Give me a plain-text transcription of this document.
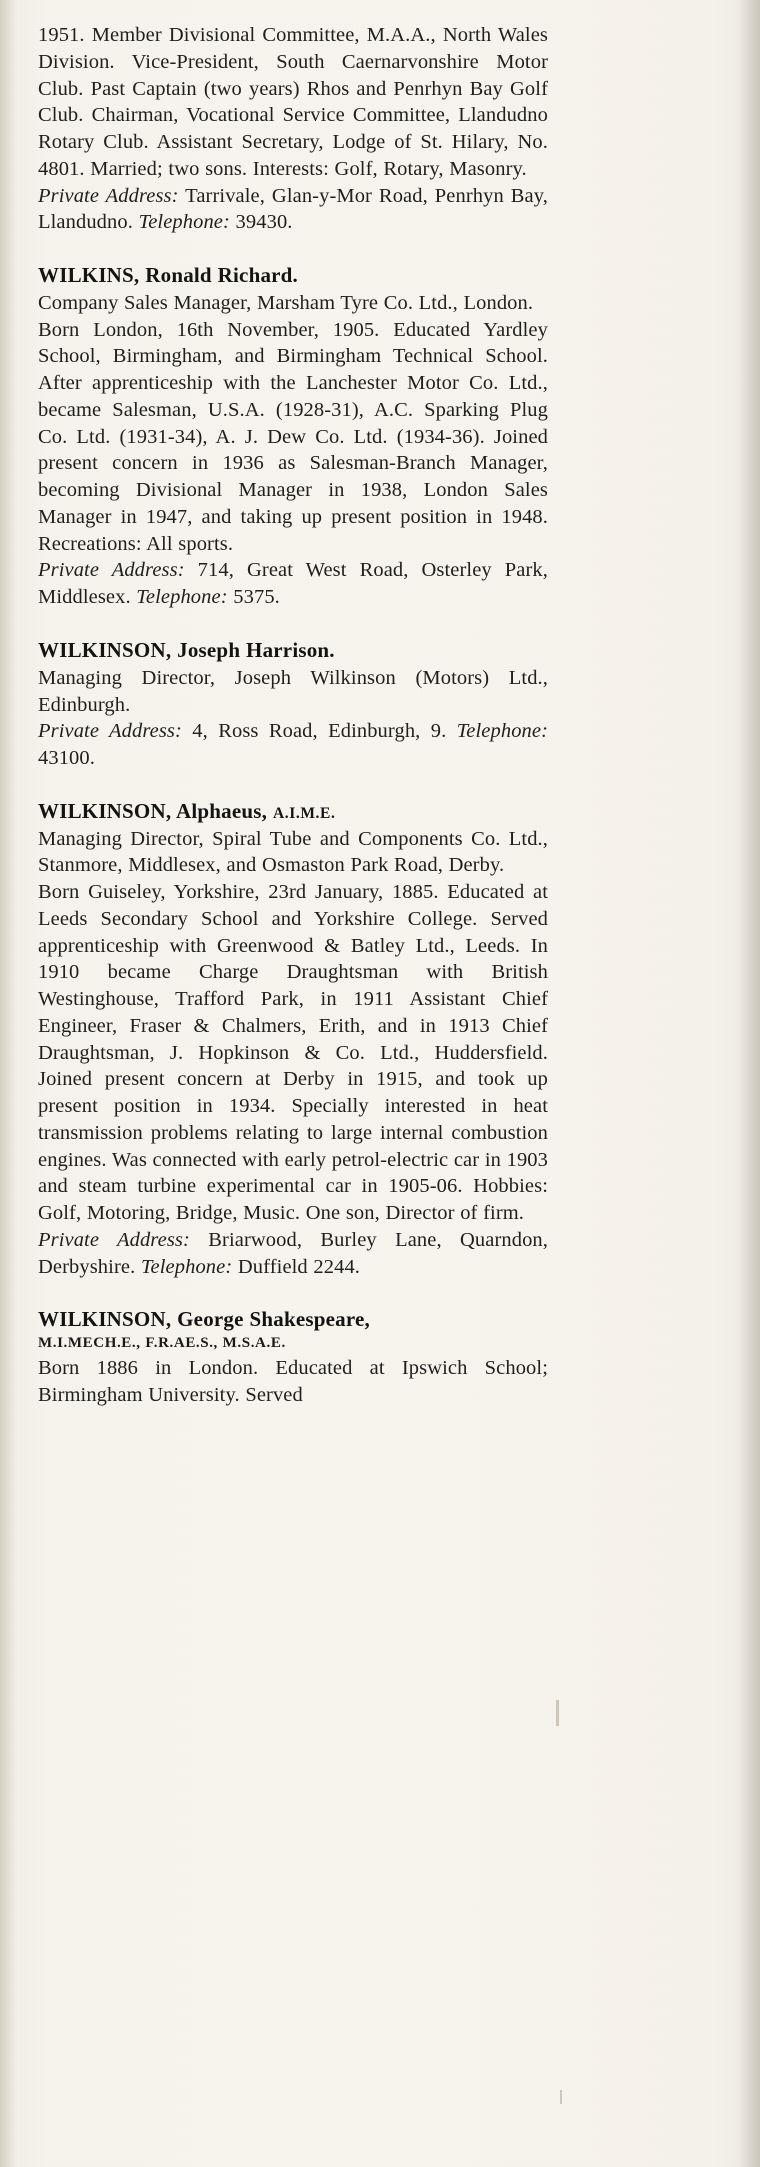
1951. Member Divisional Committee, M.A.A., North Wales Division. Vice-President, South Caernarvonshire Motor Club. Past Captain (two years) Rhos and Penrhyn Bay Golf Club. Chairman, Vocational Service Committee, Llandudno Rotary Club. Assistant Secretary, Lodge of St. Hilary, No. 4801. Married; two sons. Interests: Golf, Rotary, Masonry.

Private Address: Tarrivale, Glan-y-Mor Road, Penrhyn Bay, Llandudno. Telephone: 39430.

WILKINS, Ronald Richard.

Company Sales Manager, Marsham Tyre Co. Ltd., London.

Born London, 16th November, 1905. Educated Yardley School, Birmingham, and Birmingham Technical School. After apprenticeship with the Lanchester Motor Co. Ltd., became Salesman, U.S.A. (1928-31), A.C. Sparking Plug Co. Ltd. (1931-34), A. J. Dew Co. Ltd. (1934-36). Joined present concern in 1936 as Salesman-Branch Manager, becoming Divisional Manager in 1938, London Sales Manager in 1947, and taking up present position in 1948. Recreations: All sports.

Private Address: 714, Great West Road, Osterley Park, Middlesex. Telephone: 5375.

WILKINSON, Joseph Harrison.

Managing Director, Joseph Wilkinson (Motors) Ltd., Edinburgh.

Private Address: 4, Ross Road, Edinburgh, 9. Telephone: 43100.

WILKINSON, Alphaeus, A.I.M.E.

Managing Director, Spiral Tube and Components Co. Ltd., Stanmore, Middlesex, and Osmaston Park Road, Derby.

Born Guiseley, Yorkshire, 23rd January, 1885. Educated at Leeds Secondary School and Yorkshire College. Served apprenticeship with Greenwood & Batley Ltd., Leeds. In 1910 became Charge Draughtsman with British Westinghouse, Trafford Park, in 1911 Assistant Chief Engineer, Fraser & Chalmers, Erith, and in 1913 Chief Draughtsman, J. Hopkinson & Co. Ltd., Huddersfield. Joined present concern at Derby in 1915, and took up present position in 1934. Specially interested in heat transmission problems relating to large internal combustion engines. Was connected with early petrol-electric car in 1903 and steam turbine experimental car in 1905-06. Hobbies: Golf, Motoring, Bridge, Music. One son, Director of firm.

Private Address: Briarwood, Burley Lane, Quarndon, Derbyshire. Telephone: Duffield 2244.

WILKINSON, George Shakespeare,

M.I.MECH.E., F.R.AE.S., M.S.A.E.

Born 1886 in London. Educated at Ipswich School; Birmingham University. Served
